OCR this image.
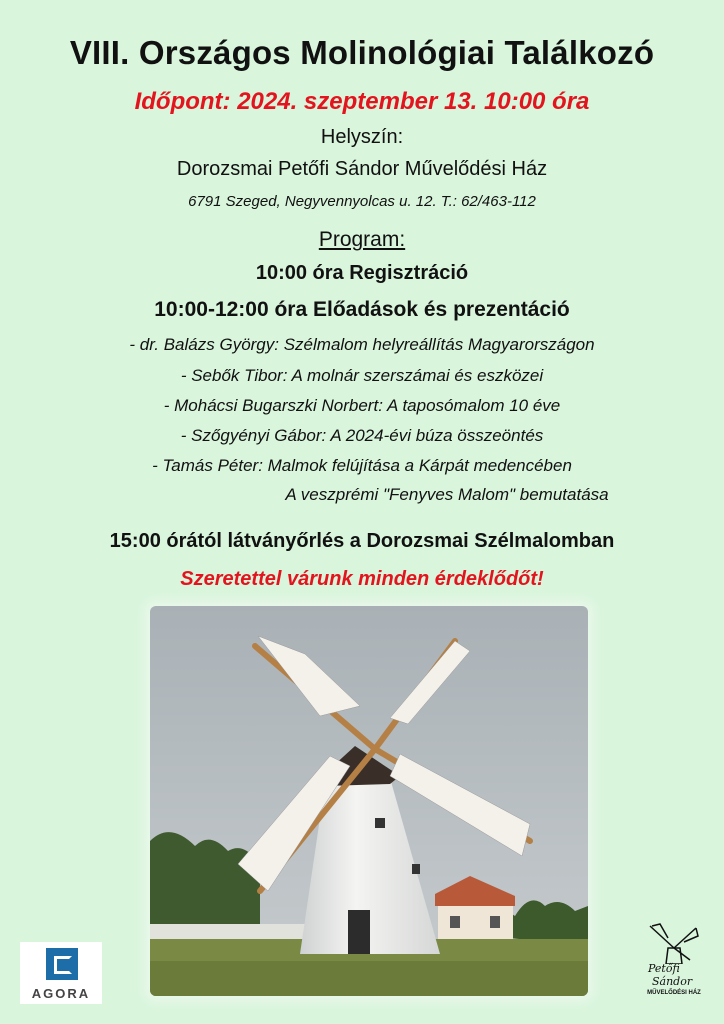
VIII. Országos Molinológiai Találkozó
Időpont: 2024. szeptember 13. 10:00 óra
Helyszín:
Dorozsmai Petőfi Sándor Művelődési Ház
6791 Szeged, Negyvennyolcas u. 12. T.: 62/463-112
Program:
10:00 óra Regisztráció
10:00-12:00 óra Előadások és prezentáció
- dr. Balázs György: Szélmalom helyreállítás Magyarországon
- Sebők Tibor: A molnár szerszámai és eszközei
- Mohácsi Bugarszki Norbert: A taposómalom 10 éve
- Szőgyényi Gábor: A 2024-évi búza összeöntés
- Tamás Péter: Malmok felújítása a Kárpát medencében
A veszprémi "Fenyves Malom" bemutatása
15:00 órától látványőrlés a Dorozsmai Szélmalomban
Szeretettel várunk minden érdeklődőt!
AGORA
Petőfi
Sándor
MŰVELŐDÉSI HÁZ
